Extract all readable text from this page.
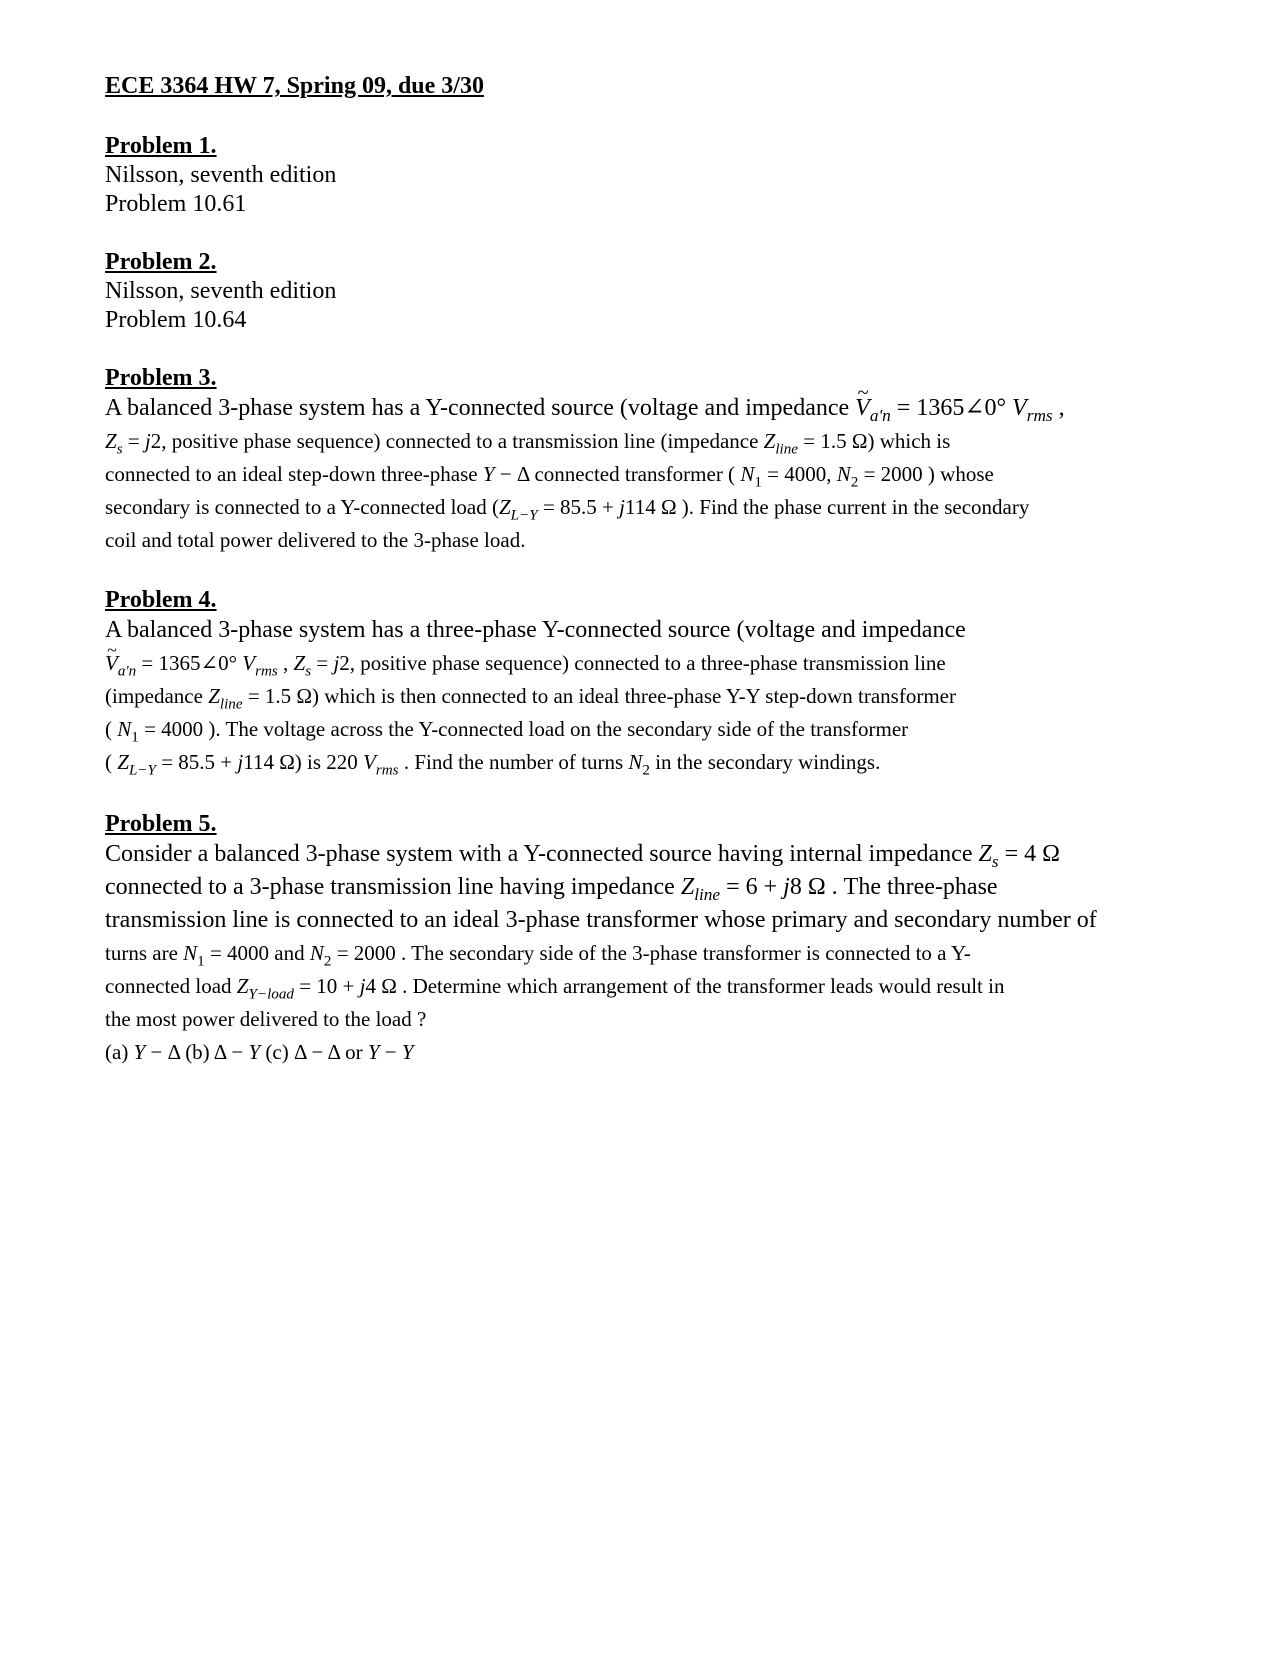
ECE 3364 HW 7, Spring 09, due 3/30
Problem 1.
Nilsson, seventh edition
Problem 10.61
Problem 2.
Nilsson, seventh edition
Problem 10.64
Problem 3.
A balanced 3-phase system has a Y-connected source (voltage and impedance ~ $V_{a'n}$ = 1365∠0° $V_{rms}$ ,
$Z_s = j2$, positive phase sequence) connected to a transmission line (impedance $Z_{line} = 1.5$ Ω) which is
connected to an ideal step-down three-phase Y − Δ connected transformer ( $N_1 = 4000$, $N_2 = 2000$ ) whose
secondary is connected to a Y-connected load ($Z_{L-Y} = 85.5 + j114$ Ω ). Find the phase current in the secondary
coil and total power delivered to the 3-phase load.
Problem 4.
A balanced 3-phase system has a three-phase Y-connected source (voltage and impedance
~ $V_{a'n}$ = 1365∠0° $V_{rms}$ , $Z_s = j2$, positive phase sequence) connected to a three-phase transmission line
(impedance $Z_{line} = 1.5$ Ω) which is then connected to an ideal three-phase Y-Y step-down transformer
( $N_1 = 4000$ ). The voltage across the Y-connected load on the secondary side of the transformer
( $Z_{L-Y} = 85.5 + j114$ Ω) is 220 $V_{rms}$ . Find the number of turns $N_2$ in the secondary windings.
Problem 5.
Consider a balanced 3-phase system with a Y-connected source having internal impedance $Z_s = 4$ Ω
connected to a 3-phase transmission line having impedance $Z_{line} = 6 + j8$ Ω . The three-phase
transmission line is connected to an ideal 3-phase transformer whose primary and secondary number of
turns are $N_1 = 4000$ and $N_2 = 2000$ . The secondary side of the 3-phase transformer is connected to a Y-
connected load $Z_{Y-load} = 10 + j4$ Ω . Determine which arrangement of the transformer leads would result in
the most power delivered to the load ?
(a) Y − Δ (b) Δ − Y (c) Δ − Δ or Y − Y
